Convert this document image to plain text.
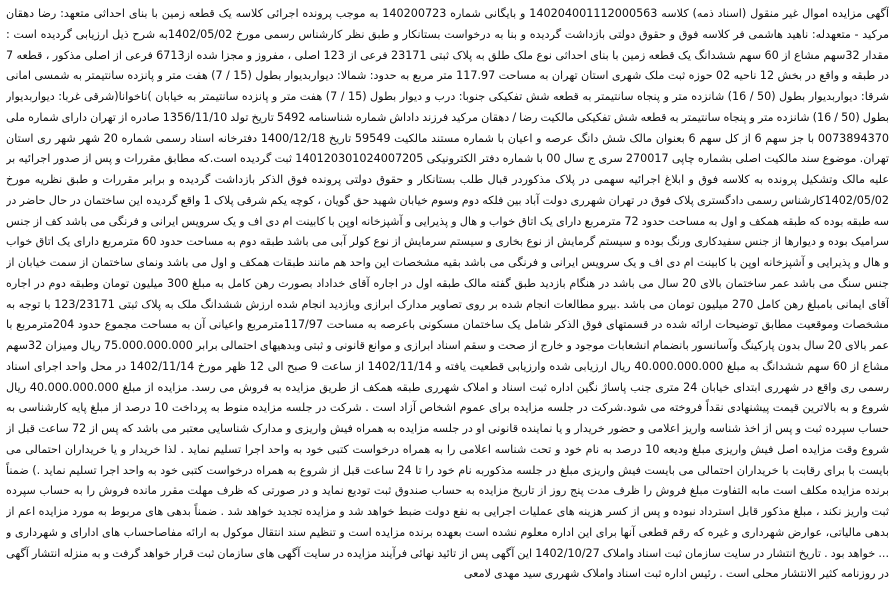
آگهی مزایده اموال غیر منقول (اسناد ذمه) کلاسه 140204001112000563 و بایگانی شماره 140200723 به موجب پرونده اجرائی کلاسه یک قطعه زمین با بنای احداثی متعهد: رضا دهقان مرکید - متعهدله: ناهید هاشمی فر کلاسه فوق و حقوق دولتی بازداشت گردیده و بنا به درخواست بستانکار و طبق نظر کارشناس رسمی مورخ 1402/05/02به شرح ذیل ارزیابی گردیده است : مقدار 32سهم مشاع از 60 سهم ششدانگ یک قطعه زمین با بنای احداثی نوع ملک طلق به پلاک ثبتی 23171 فرعی از 123 اصلی ، مفروز و مجزا شده از6713 فرعی از اصلی مذکور ، قطعه 7 در طبقه و واقع در بخش 12 ناحیه 02 حوزه ثبت ملک شهری استان تهران به مساحت 117.97 متر مربع به حدود: شمالا: دیوار‌بدیوار بطول (15 / 7) هفت متر و پانزده سانتیمتر به شمسی امانی شرقا: دیوار‌بدیوار بطول (50 / 16) شانزده متر و پنجاه سانتیمتر به قطعه شش تفکیکی جنوبا: درب و دیوار بطول (15 / 7) هفت متر و پانزده سانتیمتر به خیابان )ناخوانا(شرقی غربا: دیواربدیوار بطول (50 / 16) شانزده متر و پنجاه سانتیمتر به قطعه شش تفکیکی مالکیت رضا / دهقان مرکید فرزند داداش شماره شناسنامه 5492 تاریخ تولد 1356/11/10 صادره از تهران دارای شماره ملی 0073894370 با جز سهم 6 از کل سهم 6 بعنوان مالک شش دانگ عرصه و اعیان با شماره مستند مالکیت 59549 تاریخ 1400/12/18 دفترخانه اسناد رسمی شماره 20 شهر شهر ری استان تهران. موضوع سند مالکیت اصلی بشماره چاپی 270017 سری ج سال 00 با شماره دفتر الکترونیکی 140120301024007205 ثبت گردیده است.که مطابق مقررات و پس از صدور اجرائیه بر علیه مالک وتشکیل پرونده به کلاسه فوق و ابلاغ اجرائیه سهمی در پلاک مذکوردر قبال طلب بستانکار و حقوق دولتی پرونده فوق الذکر بازداشت گردیده و برابر مقررات و طبق نظریه مورخ 1402/05/02کارشناس رسمی دادگستری پلاک فوق در تهران شهرری دولت آباد بین فلکه دوم وسوم خیابان شهید حق گویان ، کوچه یکم شرقی پلاک 1 واقع گردیده این ساختمان در حال حاضر در سه طبقه بوده که طبقه همکف و اول به مساحت حدود 72 مترمربع دارای یک اتاق خواب و هال و پذیرایی و آشپزخانه اوپن با کابینت ام دی اف و یک سرویس ایرانی و فرنگی می باشد کف از جنس سرامیک بوده و دیوارها از جنس سفیدکاری ورنگ بوده و سیستم گرمایش از نوع بخاری و سیستم سرمایش از نوع کولر آبی می باشد طبقه دوم به مساحت حدود 60 مترمربع دارای یک اتاق خواب و هال و پذیرایی و آشپزخانه اوپن با کابینت ام دی اف و یک سرویس ایرانی و فرنگی می باشد بقیه مشخصات این واحد هم مانند طبقات همکف و اول می باشد ونمای ساختمان از سمت خیابان از جنس سنگ می باشد عمر ساختمان بالای 20 سال می باشد در هنگام بازدید طبق گفته مالک طبقه اول در اجاره آقای خداداد بصورت رهن کامل به مبلغ 300 میلیون تومان وطبقه دوم در اجاره آقای ایمانی بامبلغ رهن کامل 270 میلیون تومان می باشد .بیرو مطالعات انجام شده بر روی تصاویر مدارک ابرازی وبازدید انجام شده ارزش ششدانگ ملک به پلاک ثبتی 123/23171 با توجه به مشخصات وموقعیت مطابق توضیحات ارائه شده در قسمتهای فوق الذکر شامل یک ساختمان مسکونی باعرصه به مساحت 117/97مترمربع واعیانی آن به مساحت مجموع حدود 204مترمربع با عمر بالای 20 سال بدون پارکینگ وآسانسور بانضمام انشعابات موجود و خارج از صحت و سقم اسناد ابرازی و موانع قانونی و ثبتی وبدهیهای احتمالی برابر 75.000.000.000 ریال ومیزان 32سهم مشاع از 60 سهم ششدانگ به مبلغ 40.000.000.000 ریال ارزیابی شده وارزیابی قطعیت یافته و 1402/11/14 از ساعت 9 صبح الی 12 ظهر مورخ 1402/11/14 در محل واحد اجرای اسناد رسمی ری واقع در شهرری ابتدای خیابان 24 متری جنب پاساژ نگین اداره ثبت اسناد و املاک شهرری طبقه همکف از طریق مزایده به فروش می رسد. مزایده از مبلغ 40.000.000.000 ریال شروع و به بالاترین قیمت پیشنهادی نقداً فروخته می شود.شرکت در جلسه مزایده برای عموم اشخاص آزاد است . شرکت در جلسه مزایده منوط به پرداخت 10 درصد از مبلغ پایه کارشناسی به حساب سپرده ثبت و پس از اخذ شناسه واریز اعلامی و حضور خریدار و یا نماینده قانونی او در جلسه مزایده به همراه فیش واریزی و مدارک شناسایی معتبر می باشد که پس از 72 ساعت قبل از شروع وقت مزایده اصل فیش واریزی مبلغ ودیعه 10 درصد به نام خود و تحت شناسه اعلامی را به همراه درخواست کتبی خود به واحد اجرا تسلیم نماید . لذا خریدار و یا خریداران احتمالی می بایست با برای رقابت با خریداران احتمالی می بایست فیش واریزی مبلغ در جلسه مذکوربه نام خود را تا 24 ساعت قبل از شروع به همراه درخواست کتبی خود به واحد اجرا تسلیم نماید .) ضمناً برنده مزایده مکلف است مابه التفاوت مبلغ فروش را ظرف مدت پنج روز از تاریخ مزایده به حساب صندوق ثبت تودیع نماید و در صورتی که ظرف مهلت مقرر مانده فروش را به حساب سپرده ثبت واریز نکند ، مبلغ مذکور قابل استرداد نبوده و پس از کسر هزینه های عملیات اجرایی به نفع دولت ضبط خواهد شد و مزایده تجدید خواهد شد . ضمناً بدهی های مربوط به مورد مزایده اعم از بدهی مالیاتی، عوارض شهرداری و غیره که رقم قطعی آنها برای این اداره معلوم نشده است بعهده برنده مزایده است و تنظیم سند انتقال موکول به ارائه مفاصاحساب های ادارای و شهرداری و ... خواهد بود . تاریخ انتشار در سایت سازمان ثبت اسناد واملاک 1402/10/27 این آگهی پس از تائید نهائی فرآیند مزایده در سایت آگهی های سازمان ثبت قرار خواهد گرفت و به منزله انتشار آگهی در روزنامه کثیر الانتشار محلی است . رئیس اداره ثبت اسناد واملاک شهرری سید مهدی لامعی
